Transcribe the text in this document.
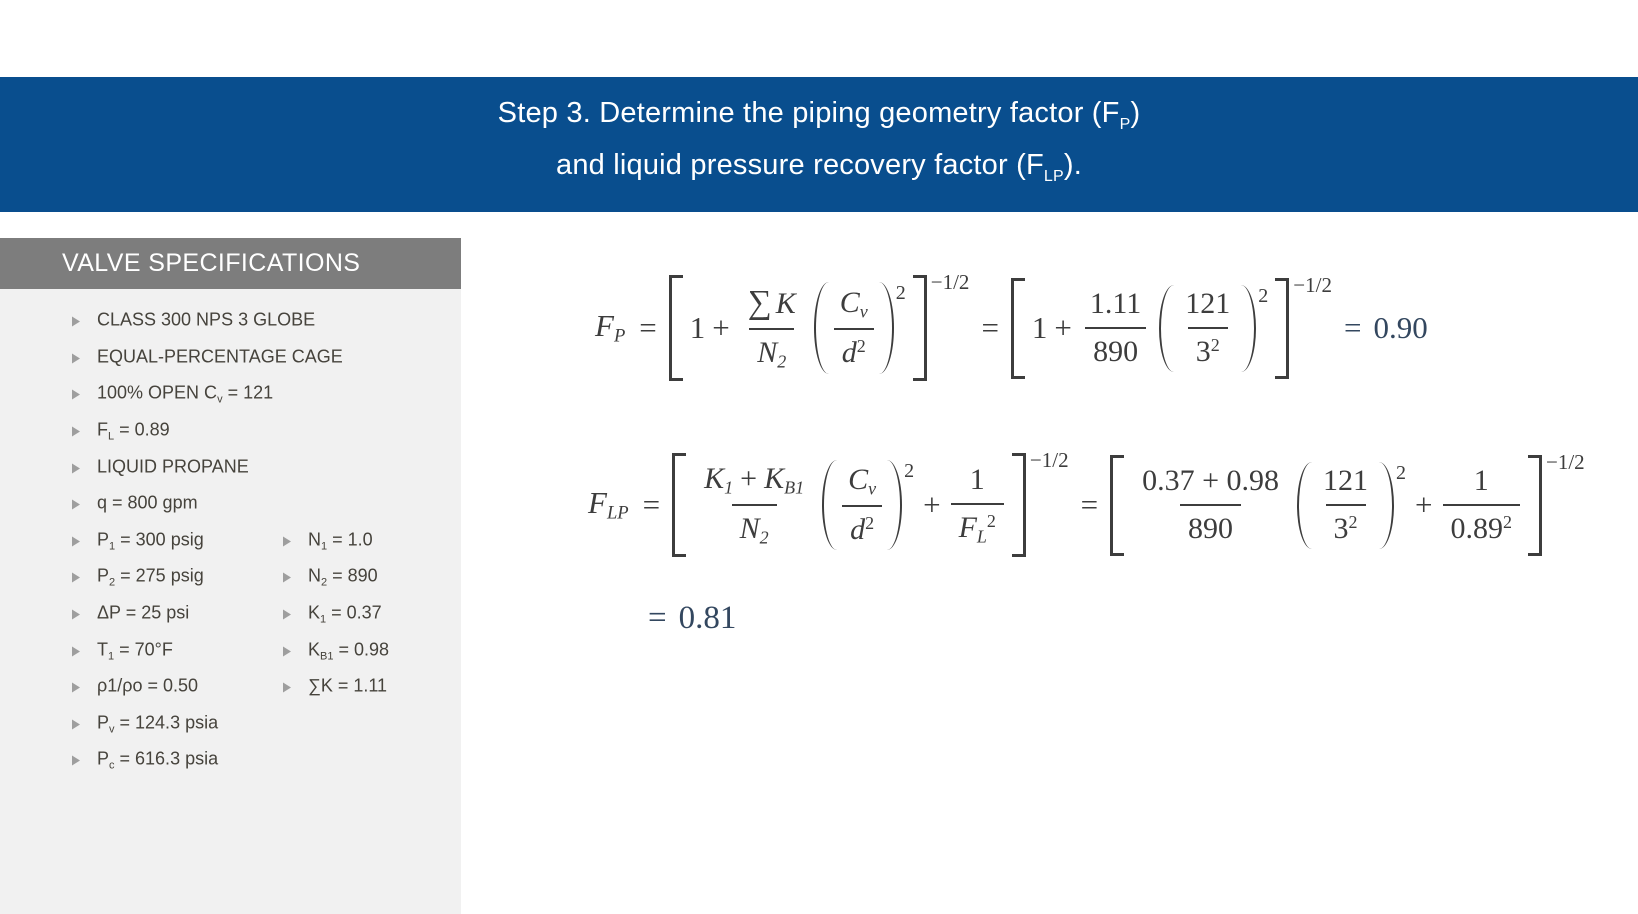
Step 3. Determine the piping geometry factor $(F_P)$
and liquid pressure recovery factor $(F_{LP})$.
VALVE SPECIFICATIONS
CLASS 300 NPS 3 GLOBE
EQUAL-PERCENTAGE CAGE
100% OPEN $C_v = 121$
$F_L = 0.89$
LIQUID PROPANE
q = 800 gpm
$P_1 = 300$ psig	$N_1 = 1.0$
$P_2 = 275$ psig	$N_2 = 890$
ΔP = 25 psi	$K_1 = 0.37$
$T_1 = 70^\circ F$	$K_{B1} = 0.98$
ρ1/ρo = 0.50	∑K = 1.11
$P_v = 124.3$ psia
$P_c = 616.3$ psia
FP = $1 + \frac{\sum K}{N2} \frac{Cv}{d^2} 2 -1/2$
= $1 + \frac{1.11}{890} \frac{121}{3^2} 2 -1/2$
= 0.90
FLP = $\frac{K1 + KB1}{N2} \frac{Cv}{d^2} 2$
+ $\frac{1}{FL^2}$
−1/2
= $\frac{0.37 + 0.98}{890} \frac{121}{3^2} 2$
+ $\frac{1}{0.89^2}$
−1/2
= 0.81
